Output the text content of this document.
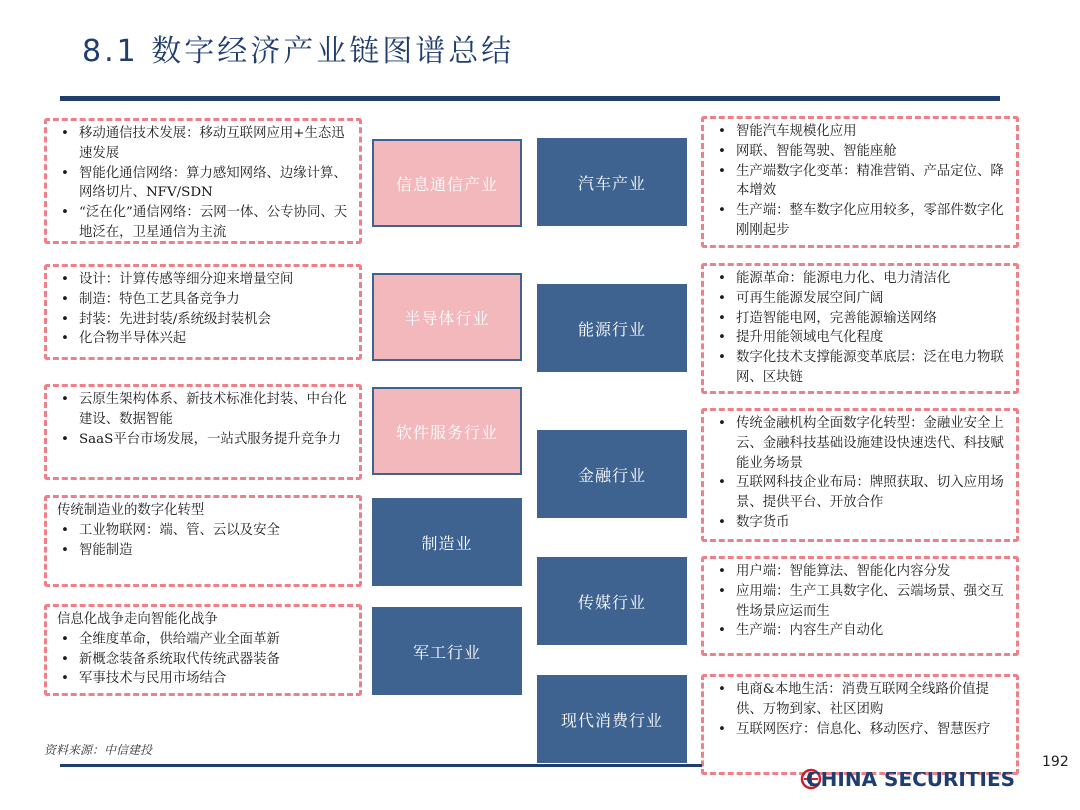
8.1 数字经济产业链图谱总结
• 移动通信技术发展：移动互联网应用+生态迅速发展
• 智能化通信网络：算力感知网络、边缘计算、网络切片、NFV/SDN
• “泛在化”通信网络：云网一体、公专协同、天地泛在，卫星通信为主流
• 设计：计算传感等细分迎来增量空间
• 制造：特色工艺具备竞争力
• 封装：先进封装/系统级封装机会
• 化合物半导体兴起
• 云原生架构体系、新技术标准化封装、中台化建设、数据智能
• SaaS平台市场发展，一站式服务提升竞争力
传统制造业的数字化转型
• 工业物联网：端、管、云以及安全
• 智能制造
信息化战争走向智能化战争
• 全维度革命，供给端产业全面革新
• 新概念装备系统取代传统武器装备
• 军事技术与民用市场结合
信息通信产业
半导体行业
软件服务行业
制造业
军工行业
汽车产业
能源行业
金融行业
传媒行业
现代消费行业
• 智能汽车规模化应用
• 网联、智能驾驶、智能座舱
• 生产端数字化变革：精准营销、产品定位、降本增效
• 生产端：整车数字化应用较多，零部件数字化刚刚起步
• 能源革命：能源电力化、电力清洁化
• 可再生能源发展空间广阔
• 打造智能电网，完善能源输送网络
• 提升用能领域电气化程度
• 数字化技术支撑能源变革底层：泛在电力物联网、区块链
• 传统金融机构全面数字化转型：金融业安全上云、金融科技基础设施建设快速迭代、科技赋能业务场景
• 互联网科技企业布局：牌照获取、切入应用场景、提供平台、开放合作
• 数字货币
• 用户端：智能算法、智能化内容分发
• 应用端：生产工具数字化、云端场景、强交互性场景应运而生
• 生产端：内容生产自动化
• 电商&本地生活：消费互联网全线路价值提供、万物到家、社区团购
• 互联网医疗：信息化、移动医疗、智慧医疗
资料来源：中信建投
CHINA SECURITIES
192
